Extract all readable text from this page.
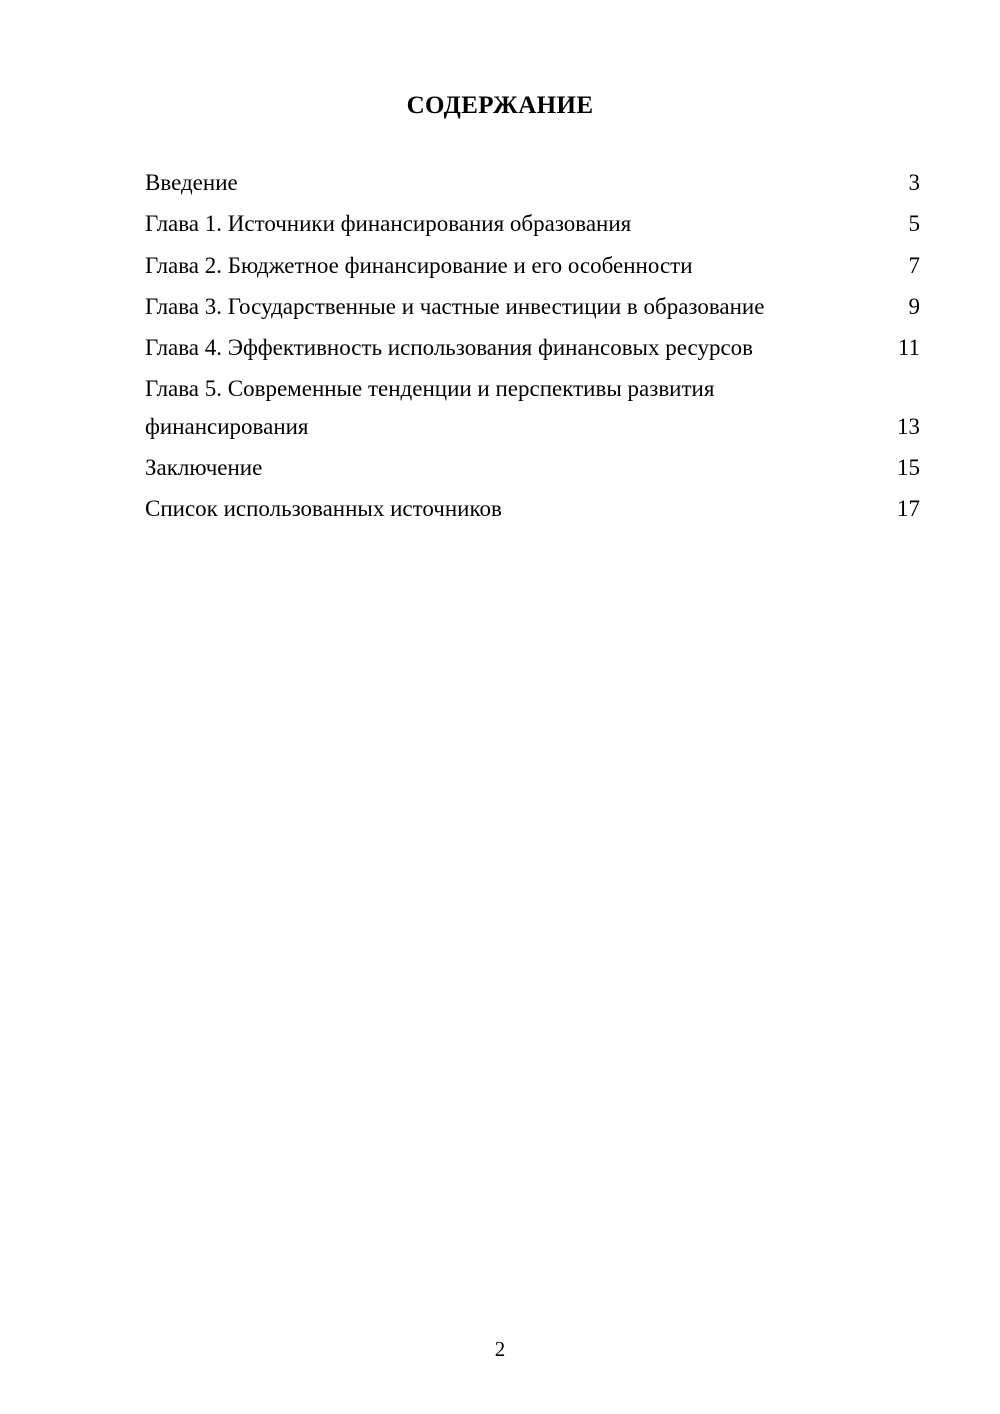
СОДЕРЖАНИЕ
Введение	3
Глава 1. Источники финансирования образования	5
Глава 2. Бюджетное финансирование и его особенности	7
Глава 3. Государственные и частные инвестиции в образование	9
Глава 4. Эффективность использования финансовых ресурсов	11
Глава 5. Современные тенденции и перспективы развития финансирования	13
Заключение	15
Список использованных источников	17
2
